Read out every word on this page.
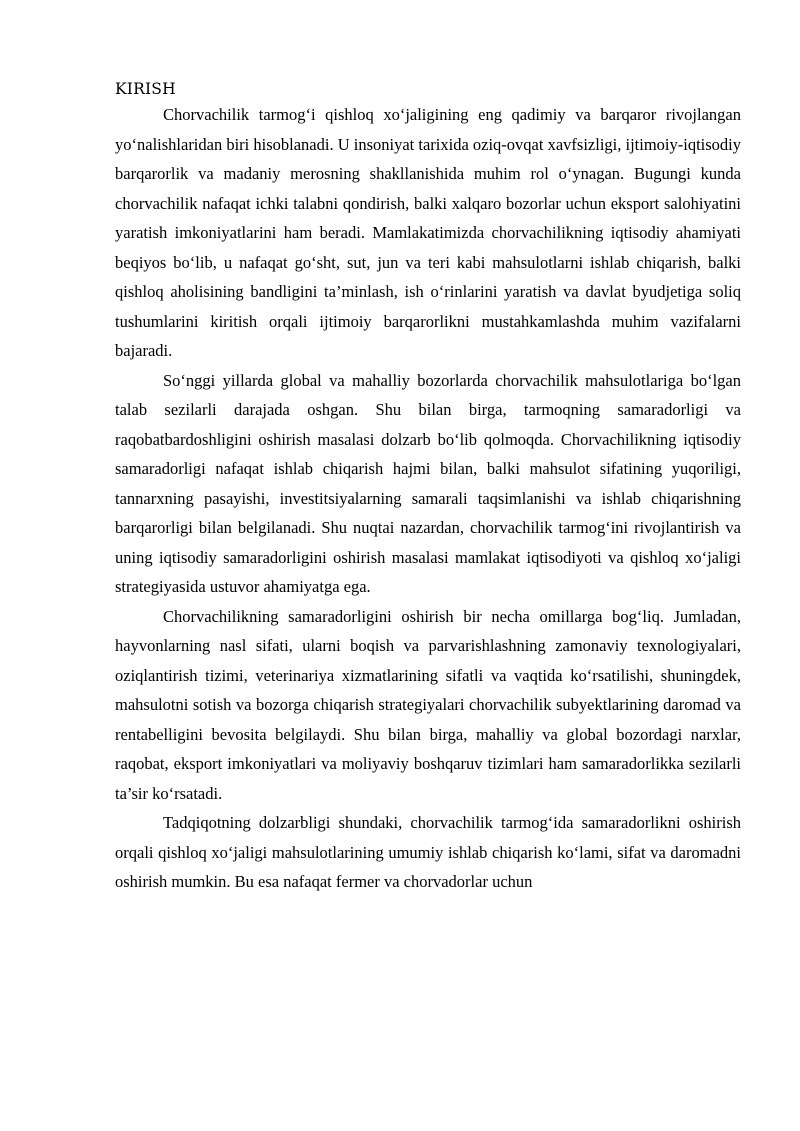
KIRISH

Chorvachilik tarmog‘i qishloq xo‘jaligining eng qadimiy va barqaror rivojlangan yo‘nalishlaridan biri hisoblanadi. U insoniyat tarixida oziq-ovqat xavfsizligi, ijtimoiy-iqtisodiy barqarorlik va madaniy merosning shakllanishida muhim rol o‘ynagan. Bugungi kunda chorvachilik nafaqat ichki talabni qondirish, balki xalqaro bozorlar uchun eksport salohiyatini yaratish imkoniyatlarini ham beradi. Mamlakatimizda chorvachilikning iqtisodiy ahamiyati beqiyos bo‘lib, u nafaqat go‘sht, sut, jun va teri kabi mahsulotlarni ishlab chiqarish, balki qishloq aholisining bandligini ta’minlash, ish o‘rinlarini yaratish va davlat byudjetiga soliq tushumlarini kiritish orqali ijtimoiy barqarorlikni mustahkamlashda muhim vazifalarni bajaradi.

So‘nggi yillarda global va mahalliy bozorlarda chorvachilik mahsulotlariga bo‘lgan talab sezilarli darajada oshgan. Shu bilan birga, tarmoqning samaradorligi va raqobatbardoshligini oshirish masalasi dolzarb bo‘lib qolmoqda. Chorvachilikning iqtisodiy samaradorligi nafaqat ishlab chiqarish hajmi bilan, balki mahsulot sifatining yuqoriligi, tannarxning pasayishi, investitsiyalarning samarali taqsimlanishi va ishlab chiqarishning barqarorligi bilan belgilanadi. Shu nuqtai nazardan, chorvachilik tarmog‘ini rivojlantirish va uning iqtisodiy samaradorligini oshirish masalasi mamlakat iqtisodiyoti va qishloq xo‘jaligi strategiyasida ustuvor ahamiyatga ega.

Chorvachilikning samaradorligini oshirish bir necha omillarga bog‘liq. Jumladan, hayvonlarning nasl sifati, ularni boqish va parvarishlashning zamonaviy texnologiyalari, oziqlantirish tizimi, veterinariya xizmatlarining sifatli va vaqtida ko‘rsatilishi, shuningdek, mahsulotni sotish va bozorga chiqarish strategiyalari chorvachilik subyektlarining daromad va rentabelligini bevosita belgilaydi. Shu bilan birga, mahalliy va global bozordagi narxlar, raqobat, eksport imkoniyatlari va moliyaviy boshqaruv tizimlari ham samaradorlikka sezilarli ta’sir ko‘rsatadi.

Tadqiqotning dolzarbligi shundaki, chorvachilik tarmog‘ida samaradorlikni oshirish orqali qishloq xo‘jaligi mahsulotlarining umumiy ishlab chiqarish ko‘lami, sifat va daromadni oshirish mumkin. Bu esa nafaqat fermer va chorvadorlar uchun
